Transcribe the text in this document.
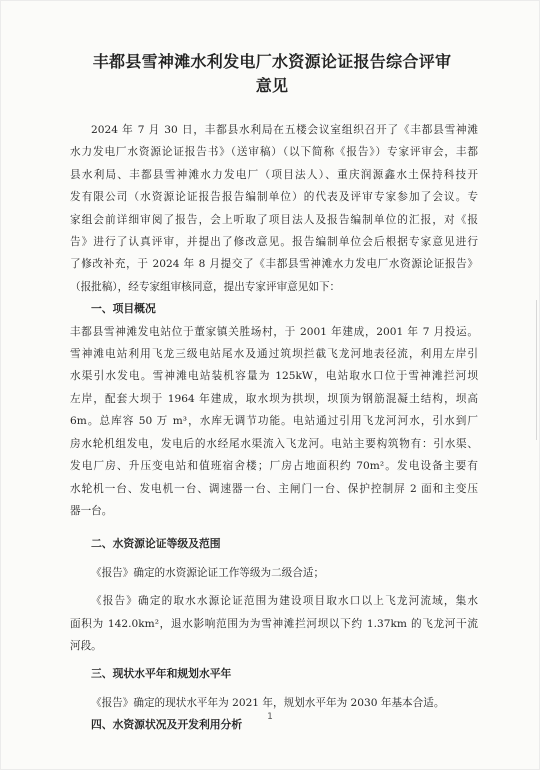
丰都县雪神滩水利发电厂水资源论证报告综合评审
意见
2024 年 7 月 30 日，丰都县水利局在五楼会议室组织召开了《丰都县雪神滩
水力发电厂水资源论证报告书》（送审稿）（以下简称《报告》）专家评审会，丰都
县水利局、丰都县雪神滩水力发电厂（项目法人）、重庆润源鑫水土保持科技开
发有限公司（水资源论证报告报告编制单位）的代表及评审专家参加了会议。专
家组会前详细审阅了报告，会上听取了项目法人及报告编制单位的汇报，对《报
告》进行了认真评审，并提出了修改意见。报告编制单位会后根据专家意见进行
了修改补充，于 2024 年 8 月提交了《丰都县雪神滩水力发电厂水资源论证报告》
（报批稿），经专家组审核同意，提出专家评审意见如下：
一、项目概况
丰都县雪神滩发电站位于董家镇关胜场村，于 2001 年建成，2001 年 7 月投运。
雪神滩电站利用飞龙三级电站尾水及通过筑坝拦截飞龙河地表径流，利用左岸引
水渠引水发电。雪神滩电站装机容量为 125kW，电站取水口位于雪神滩拦河坝
左岸，配套大坝于 1964 年建成，取水坝为拱坝，坝顶为钢筋混凝土结构，坝高
6m。总库容 50 万 m³，水库无调节功能。电站通过引用飞龙河河水，引水到厂
房水轮机组发电，发电后的水经尾水渠流入飞龙河。电站主要构筑物有：引水渠、
发电厂房、升压变电站和值班宿舍楼；厂房占地面积约 70m²。发电设备主要有
水轮机一台、发电机一台、调速器一台、主闸门一台、保护控制屏 2 面和主变压
器一台。
二、水资源论证等级及范围
《报告》确定的水资源论证工作等级为二级合适；
《报告》确定的取水水源论证范围为建设项目取水口以上飞龙河流域，集水
面积为 142.0km²，退水影响范围为为雪神滩拦河坝以下约 1.37km 的飞龙河干流
河段。
三、现状水平年和规划水平年
《报告》确定的现状水平年为 2021 年，规划水平年为 2030 年基本合适。
四、水资源状况及开发利用分析
1
